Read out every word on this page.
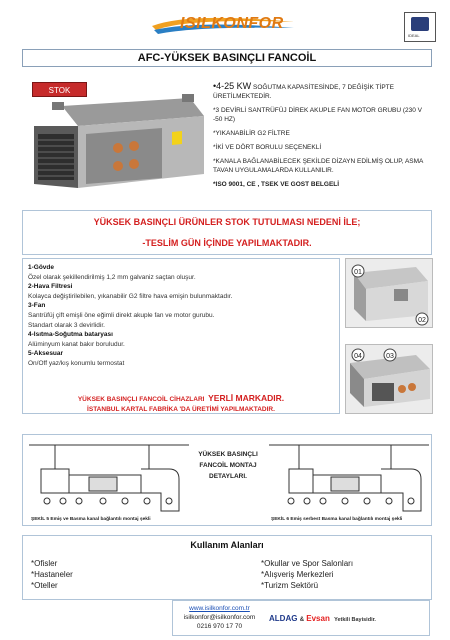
ISILKONFOR
IDEAL
AFC-YÜKSEK BASINÇLI FANCOİL
STOK	•4-25 KW SOĞUTMA KAPASİTESİNDE, 7 DEĞİŞİK TİPTE ÜRETİLMEKTEDİR.
*3 DEVİRLİ SANTRÜFÜJ DİREK AKUPLE FAN MOTOR GRUBU (230 V -50 HZ)
*YIKANABİLİR G2 FİLTRE
*İKİ VE DÖRT BORULU SEÇENEKLİ
*KANALA BAĞLANABİLECEK ŞEKİLDE DİZAYN EDİLMİŞ OLUP, ASMA TAVAN UYGULAMALARDA KULLANILIR.
*ISO 9001, CE , TSEK VE GOST BELGELİ
YÜKSEK BASINÇLI ÜRÜNLER STOK TUTULMASI NEDENİ İLE;
-TESLİM GÜN İÇİNDE YAPILMAKTADIR.
1-Gövde
Özel olarak şekillendirilmiş 1,2 mm galvaniz saçtan oluşur.
2-Hava Filtresi
Kolayca değiştirilebilen, yıkanabilir G2 filtre hava emişin bulunmaktadır.
3-Fan
Santrüfüj çift emişli öne eğimli direkt akuple fan ve motor gurubu.
Standart olarak 3 devirlidir.
4-Isıtma-Soğutma bataryası
Alüminyum kanat bakır boruludur.
5-Aksesuar
On/Off yaz/kış konumlu termostat
YÜKSEK BASINÇLI FANCOİL CİHAZLARI YERLİ MARKADIR.
İSTANBUL KARTAL FABRİKA 'DA ÜRETİMİ YAPILMAKTADIR.
01
02
04	03
YÜKSEK BASINÇLI FANCOİL MONTAJ DETAYLARI.
ŞEKİL 5 Emiş ve Basma kanal bağlantılı montaj şekli	ŞEKİL 6 Emiş serbest Basma kanal bağlantılı montaj şekli
Kullanım Alanları
*Ofisler
*Hastaneler
*Oteller
*Okullar ve Spor Salonları
*Alışveriş Merkezleri
*Turizm Sektörü
www.isilkonfor.com.tr
isilkonfor@isilkonfor.com
0216 970 17 70
ALDAG & Evsan Yetkili Bayisidir.
